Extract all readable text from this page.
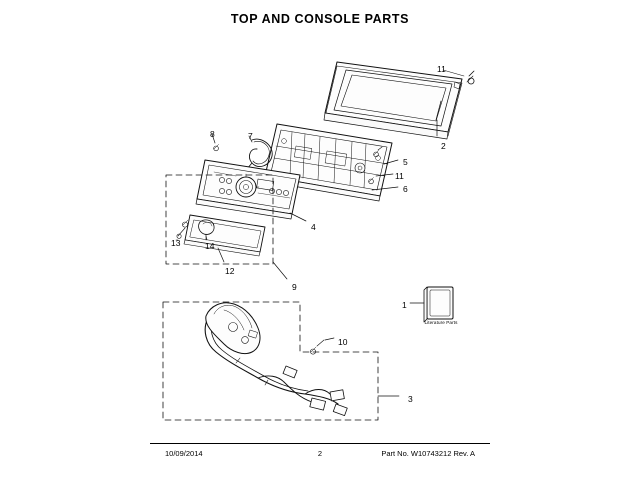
TOP AND CONSOLE PARTS
Literature Parts
10/09/2014	2	Part No. W10743212 Rev. A
1
2
3
4
5
6
7
8
9
10
11
11
12
13	14
